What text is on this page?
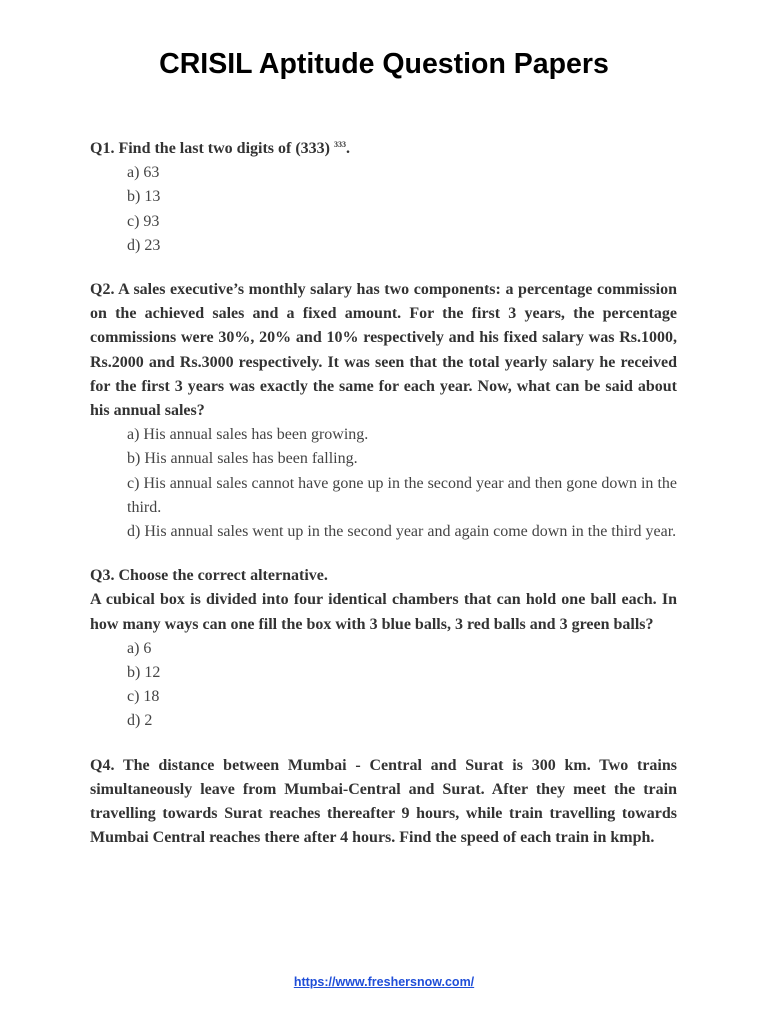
CRISIL Aptitude Question Papers

Q1. Find the last two digits of (333) $^{333}$.

a) 63
b) 13
c) 93
d) 23

Q2. A sales executive’s monthly salary has two components: a percentage commission on the achieved sales and a fixed amount. For the first 3 years, the percentage commissions were 30%, 20% and 10% respectively and his fixed salary was Rs.1000, Rs.2000 and Rs.3000 respectively. It was seen that the total yearly salary he received for the first 3 years was exactly the same for each year. Now, what can be said about his annual sales?

a) His annual sales has been growing.
b) His annual sales has been falling.
c) His annual sales cannot have gone up in the second year and then gone down in the third.
d) His annual sales went up in the second year and again come down in the third year.

Q3. Choose the correct alternative.

A cubical box is divided into four identical chambers that can hold one ball each. In how many ways can one fill the box with 3 blue balls, 3 red balls and 3 green balls?

a) 6
b) 12
c) 18
d) 2

Q4. The distance between Mumbai - Central and Surat is 300 km. Two trains simultaneously leave from Mumbai-Central and Surat. After they meet the train travelling towards Surat reaches thereafter 9 hours, while train travelling towards Mumbai Central reaches there after 4 hours. Find the speed of each train in kmph.

https://www.freshersnow.com/
